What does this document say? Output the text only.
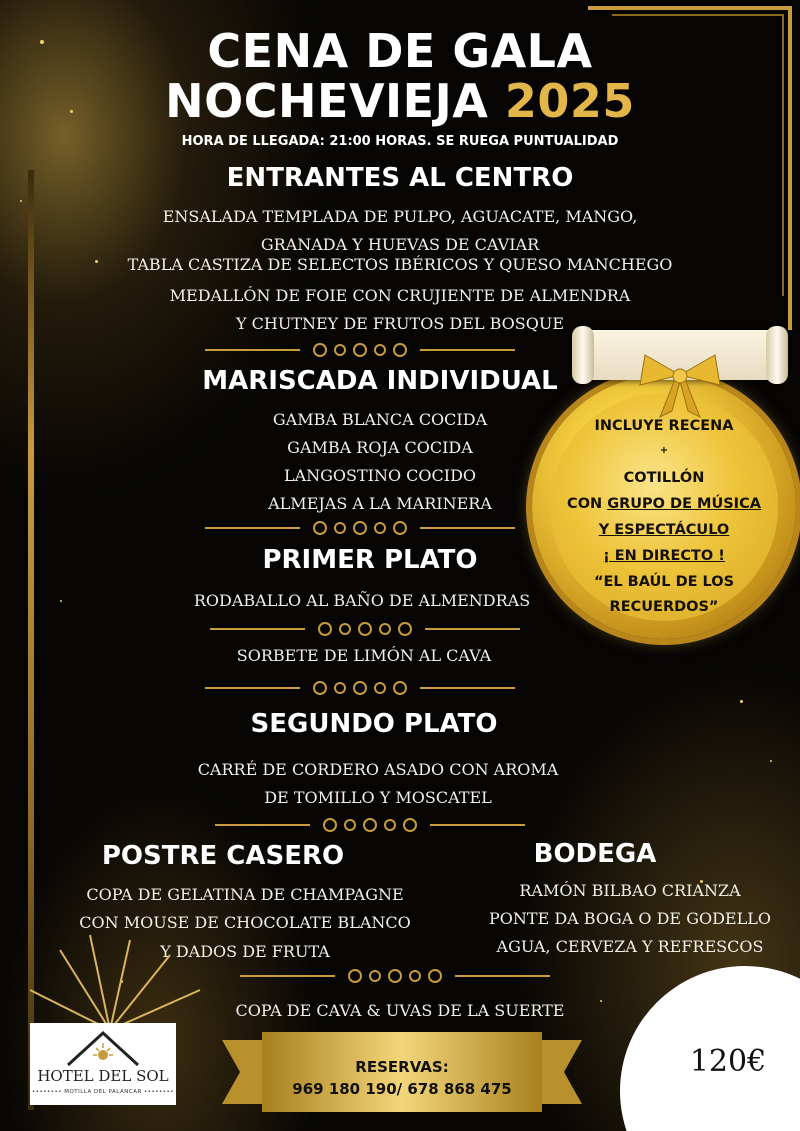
CENA DE GALA
NOCHEVIEJA 2025
HORA DE LLEGADA: 21:00 HORAS. SE RUEGA PUNTUALIDAD
ENTRANTES AL CENTRO
ENSALADA TEMPLADA DE PULPO, AGUACATE, MANGO,
GRANADA Y HUEVAS DE CAVIAR
TABLA CASTIZA DE SELECTOS IBÉRICOS Y QUESO MANCHEGO
MEDALLÓN DE FOIE CON CRUJIENTE DE ALMENDRA
Y CHUTNEY DE FRUTOS DEL BOSQUE
MARISCADA INDIVIDUAL
GAMBA BLANCA COCIDA
GAMBA ROJA COCIDA
LANGOSTINO COCIDO
ALMEJAS A LA MARINERA
PRIMER PLATO
RODABALLO AL BAÑO DE ALMENDRAS
SORBETE DE LIMÓN AL CAVA
SEGUNDO PLATO
CARRÉ DE CORDERO ASADO CON AROMA
DE TOMILLO Y MOSCATEL
POSTRE CASERO
COPA DE GELATINA DE CHAMPAGNE
CON MOUSE DE CHOCOLATE BLANCO
Y DADOS DE FRUTA
BODEGA
RAMÓN BILBAO CRIANZA
PONTE DA BOGA O DE GODELLO
AGUA, CERVEZA Y REFRESCOS
COPA DE CAVA & UVAS DE LA SUERTE
INCLUYE RECENA
+
COTILLÓN
CON GRUPO DE MÚSICA
Y ESPECTÁCULO
¡ EN DIRECTO !
“EL BAÚL DE LOS
RECUERDOS”
HOTEL DEL SOL
•••••••• MOTILLA DEL PALANCAR ••••••••
RESERVAS:
969 180 190/ 678 868 475
120€
